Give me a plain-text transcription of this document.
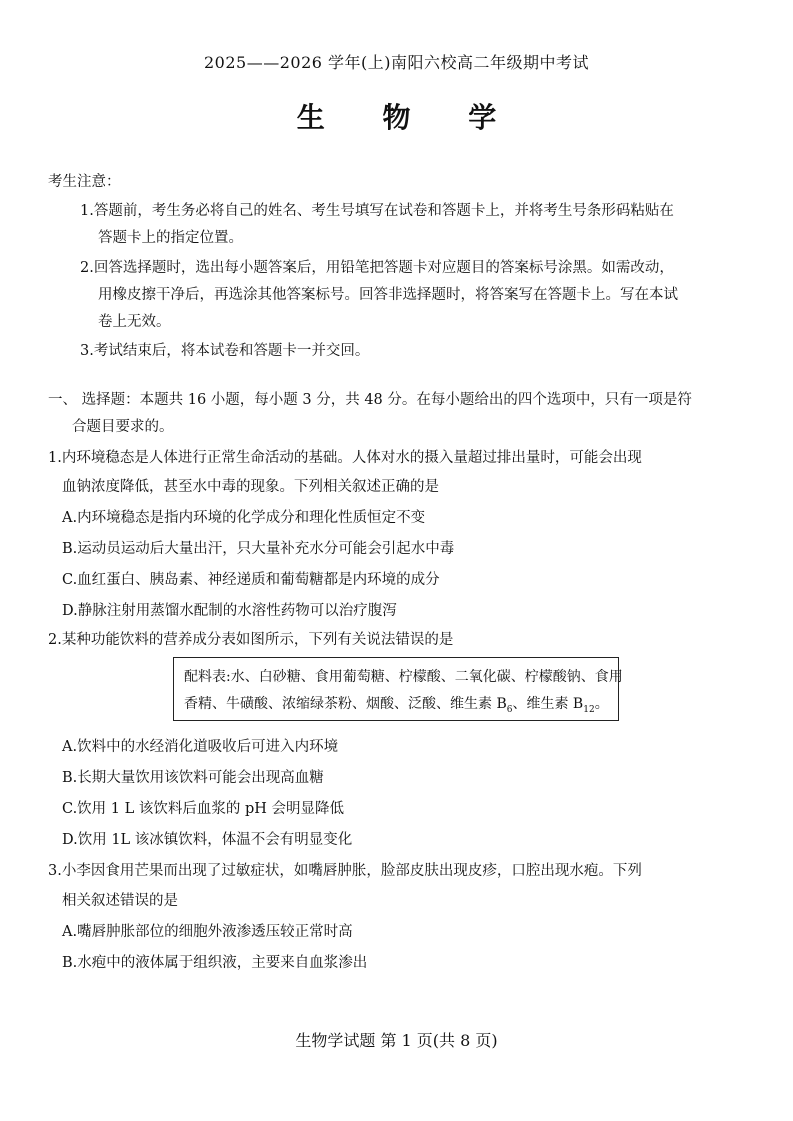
2025——2026 学年(上)南阳六校高二年级期中考试
生 物 学
考生注意：
1.答题前，考生务必将自己的姓名、考生号填写在试卷和答题卡上，并将考生号条形码粘贴在
答题卡上的指定位置。
2.回答选择题时，选出每小题答案后，用铅笔把答题卡对应题目的答案标号涂黑。如需改动，
用橡皮擦干净后，再选涂其他答案标号。回答非选择题时，将答案写在答题卡上。写在本试
卷上无效。
3.考试结束后，将本试卷和答题卡一并交回。
一、 选择题：本题共 16 小题，每小题 3 分，共 48 分。在每小题给出的四个选项中，只有一项是符
合题目要求的。
1.内环境稳态是人体进行正常生命活动的基础。人体对水的摄入量超过排出量时，可能会出现
血钠浓度降低，甚至水中毒的现象。下列相关叙述正确的是
A.内环境稳态是指内环境的化学成分和理化性质恒定不变
B.运动员运动后大量出汗，只大量补充水分可能会引起水中毒
C.血红蛋白、胰岛素、神经递质和葡萄糖都是内环境的成分
D.静脉注射用蒸馏水配制的水溶性药物可以治疗腹泻
2.某种功能饮料的营养成分表如图所示，下列有关说法错误的是
配料表:水、白砂糖、食用葡萄糖、柠檬酸、二氧化碳、柠檬酸钠、食用
香精、牛磺酸、浓缩绿茶粉、烟酸、泛酸、维生素 $B_6$、维生素 $B_{12}$。
A.饮料中的水经消化道吸收后可进入内环境
B.长期大量饮用该饮料可能会出现高血糖
C.饮用 1 L 该饮料后血浆的 pH 会明显降低
D.饮用 1L 该冰镇饮料，体温不会有明显变化
3.小李因食用芒果而出现了过敏症状，如嘴唇肿胀，脸部皮肤出现皮疹，口腔出现水疱。下列
相关叙述错误的是
A.嘴唇肿胀部位的细胞外液渗透压较正常时高
B.水疱中的液体属于组织液，主要来自血浆渗出
生物学试题 第 1 页(共 8 页)
